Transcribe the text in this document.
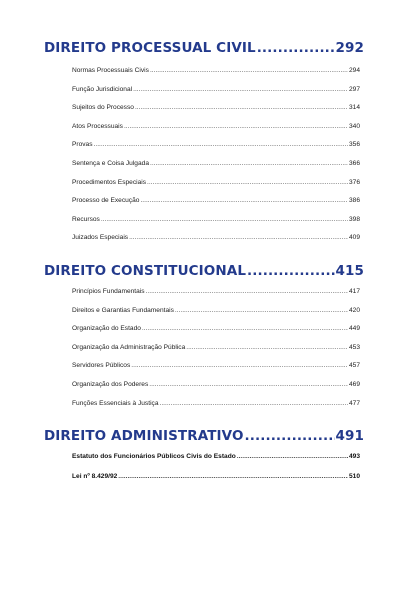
DIREITO PROCESSUAL CIVIL .....	292
Normas Processuais Civis .....	294
Função Jurisdicional .....	297
Sujeitos do Processo .....	314
Atos Processuais .....	340
Provas .....	356
Sentença e Coisa Julgada .....	366
Procedimentos Especiais .....	376
Processo de Execução .....	386
Recursos .....	398
Juizados Especiais .....	409
DIREITO CONSTITUCIONAL .....	415
Princípios Fundamentais .....	417
Direitos e Garantias Fundamentais .....	420
Organização do Estado .....	449
Organização da Administração Pública .....	453
Servidores Públicos .....	457
Organização dos Poderes .....	469
Funções Essenciais à Justiça .....	477
DIREITO ADMINISTRATIVO .....	491
Estatuto dos Funcionários Públicos Civis do Estado .....	493
Lei nº 8.429/92 .....	510
